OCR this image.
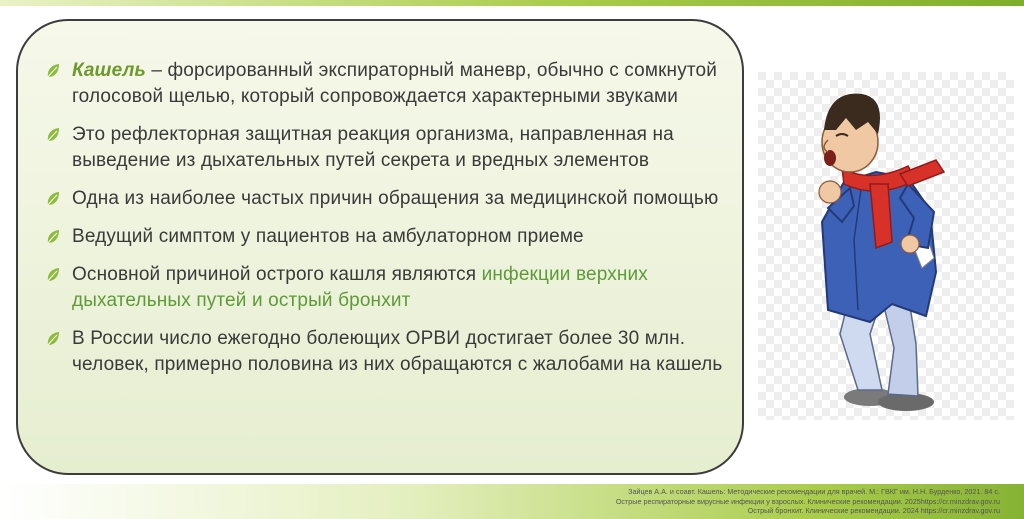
Кашель – форсированный экспираторный маневр, обычно с сомкнутой голосовой щелью, который сопровождается характерными звуками
Это рефлекторная защитная реакция организма, направленная на выведение из дыхательных путей секрета и вредных элементов
Одна из наиболее частых причин обращения за медицинской помощью
Ведущий симптом у пациентов на амбулаторном приеме
Основной причиной острого кашля являются инфекции верхних дыхательных путей и острый бронхит
В России число ежегодно болеющих ОРВИ достигает более 30 млн. человек, примерно половина из них обращаются с жалобами на кашель
Зайцев А.А. и соавт. Кашель: Методические рекомендации для врачей. М.: ГВКГ им. Н.Н. Бурденко, 2021. 84 с.
Острые респираторные вирусные инфекции у взрослых. Клинические рекомендации. 2025https://cr.minzdrav.gov.ru
Острый бронхит. Клинические рекомендации. 2024 https://cr.minzdrav.gov.ru
